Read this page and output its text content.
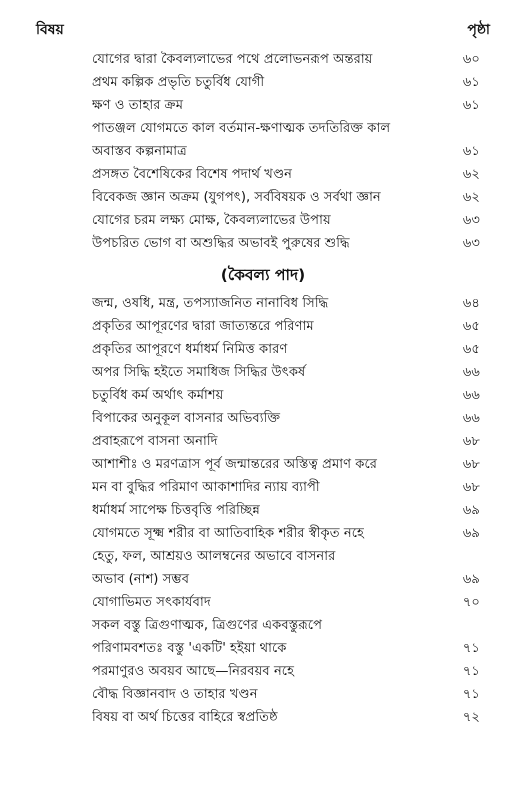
বিষয়	পৃষ্ঠা
যোগের দ্বারা কৈবল্যলাভের পথে প্রলোভনরূপ অন্তরায়	৬০
প্রথম কল্পিক প্রভৃতি চতুর্বিধ যোগী	৬১
ক্ষণ ও তাহার ক্রম	৬১
পাতঞ্জল যোগমতে কাল বর্তমান-ক্ষণাত্মক তদতিরিক্ত কাল
অবাস্তব কল্পনামাত্র	৬১
প্রসঙ্গত বৈশেষিকের বিশেষ পদার্থ খণ্ডন	৬২
বিবেকজ জ্ঞান অক্রম (যুগপৎ), সর্ববিষয়ক ও সর্বথা জ্ঞান	৬২
যোগের চরম লক্ষ্য মোক্ষ, কৈবল্যলাভের উপায়	৬৩
উপচরিত ভোগ বা অশুদ্ধির অভাবই পুরুষের শুদ্ধি	৬৩
(কৈবল্য পাদ)
জন্ম, ওষধি, মন্ত্র, তপস্যাজনিত নানাবিধ সিদ্ধি	৬৪
প্রকৃতির আপূরণের দ্বারা জাত্যন্তরে পরিণাম	৬৫
প্রকৃতির আপূরণে ধর্মাধর্ম নিমিত্ত কারণ	৬৫
অপর সিদ্ধি হইতে সমাধিজ সিদ্ধির উৎকর্ষ	৬৬
চতুর্বিধ কর্ম অর্থাৎ কর্মাশয়	৬৬
বিপাকের অনুকূল বাসনার অভিব্যক্তি	৬৬
প্রবাহরূপে বাসনা অনাদি	৬৮
আশাশীঃ ও মরণত্রাস পূর্ব জন্মান্তরের অস্তিত্ব প্রমাণ করে	৬৮
মন বা বুদ্ধির পরিমাণ আকাশাদির ন্যায় ব্যাপী	৬৮
ধর্মাধর্ম সাপেক্ষ চিত্তবৃত্তি পরিচ্ছিন্ন	৬৯
যোগমতে সূক্ষ্ম শরীর বা আতিবাহিক শরীর স্বীকৃত নহে	৬৯
হেতু, ফল, আশ্রয়ও আলম্বনের অভাবে বাসনার
অভাব (নাশ) সম্ভব	৬৯
যোগাভিমত সৎকার্যবাদ	৭০
সকল বস্তু ত্রিগুণাত্মক, ত্রিগুণের একবস্তুরূপে
পরিণামবশতঃ বস্তু 'একটি' হইয়া থাকে	৭১
পরমাণুরও অবয়ব আছে—নিরবয়ব নহে	৭১
বৌদ্ধ বিজ্ঞানবাদ ও তাহার খণ্ডন	৭১
বিষয় বা অর্থ চিত্তের বাহিরে স্বপ্রতিষ্ঠ	৭২
